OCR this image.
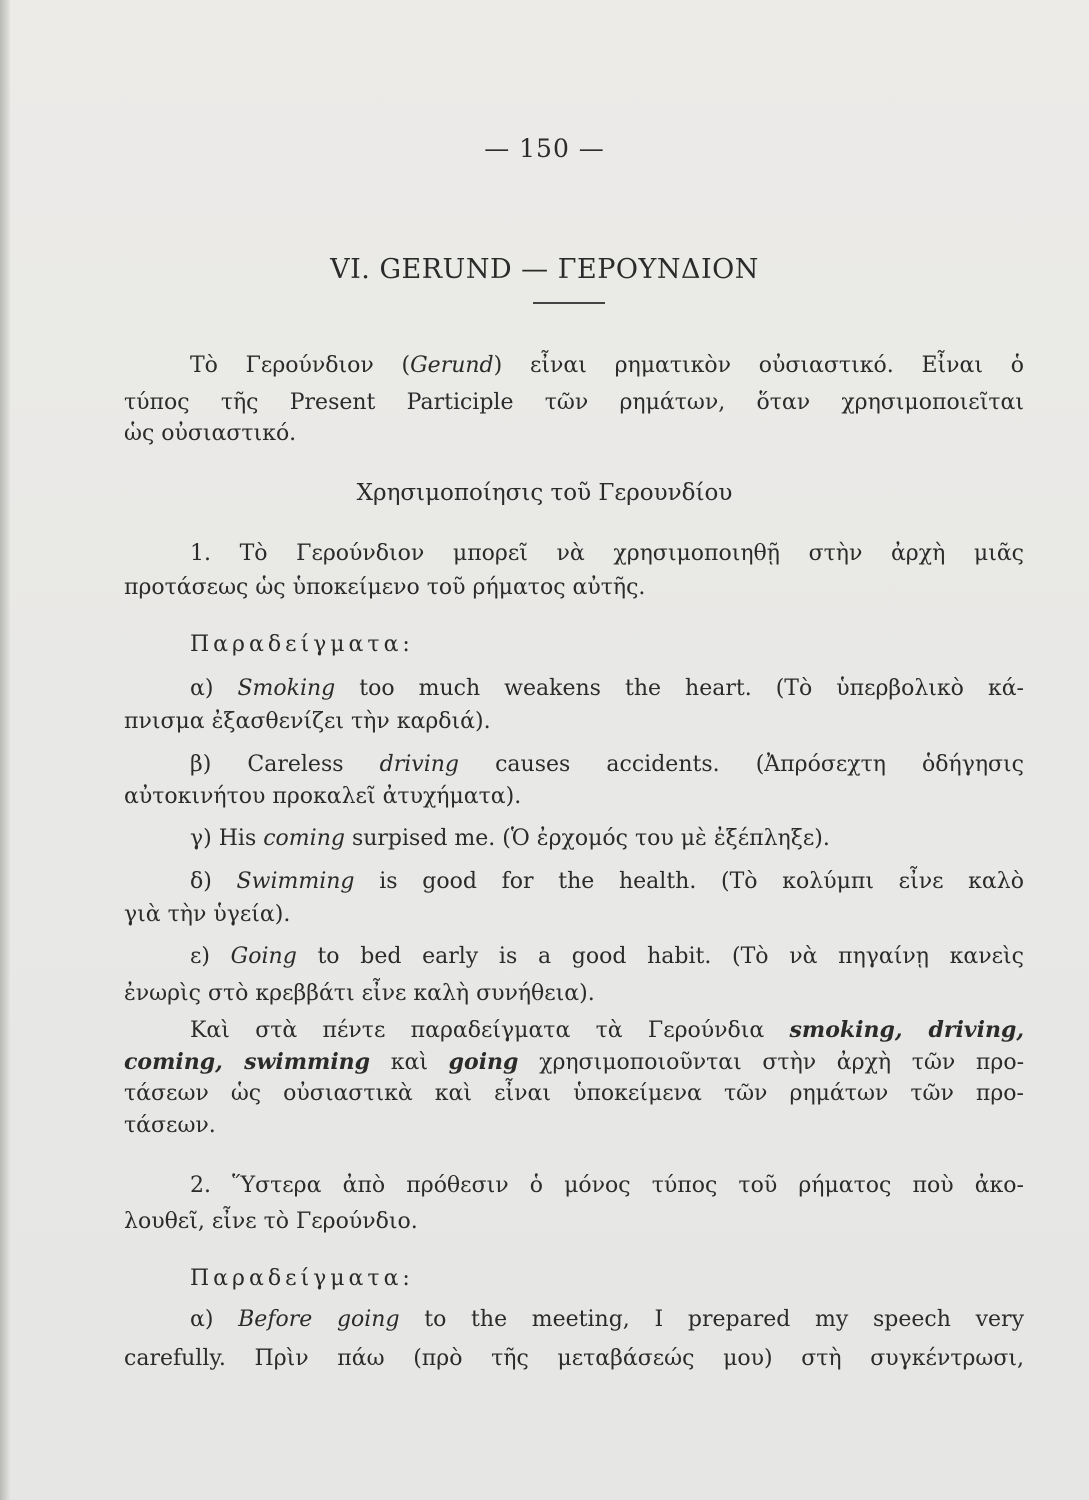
— 150 —
VI. GERUND — ΓΕΡΟΥΝΔΙΟΝ
Τὸ Γερούνδιον (Gerund) εἶναι ρηματικὸν οὐσιαστικό. Εἶναι ὁ
τύπος τῆς Present Participle τῶν ρημάτων, ὅταν χρησιμοποιεῖται
ὡς οὐσιαστικό.
Χρησιμοποίησις τοῦ Γερουνδίου
1. Τὸ Γερούνδιον μπορεῖ νὰ χρησιμοποιηθῇ στὴν ἀρχὴ μιᾶς
προτάσεως ὡς ὑποκείμενο τοῦ ρήματος αὐτῆς.
Παραδείγματα:
α) Smoking too much weakens the heart. (Τὸ ὑπερβολικὸ κά-
πνισμα ἐξασθενίζει τὴν καρδιά).
β) Careless driving causes accidents. (Ἀπρόσεχτη ὁδήγησις
αὐτοκινήτου προκαλεῖ ἀτυχήματα).
γ) His coming surpised me. (Ὁ ἐρχομός του μὲ ἐξέπληξε).
δ) Swimming is good for the health. (Τὸ κολύμπι εἶνε καλὸ
γιὰ τὴν ὑγεία).
ε) Going to bed early is a good habit. (Τὸ νὰ πηγαίνῃ κανεὶς
ἐνωρὶς στὸ κρεββάτι εἶνε καλὴ συνήθεια).
Καὶ στὰ πέντε παραδείγματα τὰ Γερούνδια smoking, driving,
coming, swimming καὶ going χρησιμοποιοῦνται στὴν ἀρχὴ τῶν προ-
τάσεων ὡς οὐσιαστικὰ καὶ εἶναι ὑποκείμενα τῶν ρημάτων τῶν προ-
τάσεων.
2. Ὕστερα ἀπὸ πρόθεσιν ὁ μόνος τύπος τοῦ ρήματος ποὺ ἀκο-
λουθεῖ, εἶνε τὸ Γερούνδιο.
Παραδείγματα:
α) Before going to the meeting, I prepared my speech very
carefully. Πρὶν πάω (πρὸ τῆς μεταβάσεώς μου) στὴ συγκέντρωσι,
